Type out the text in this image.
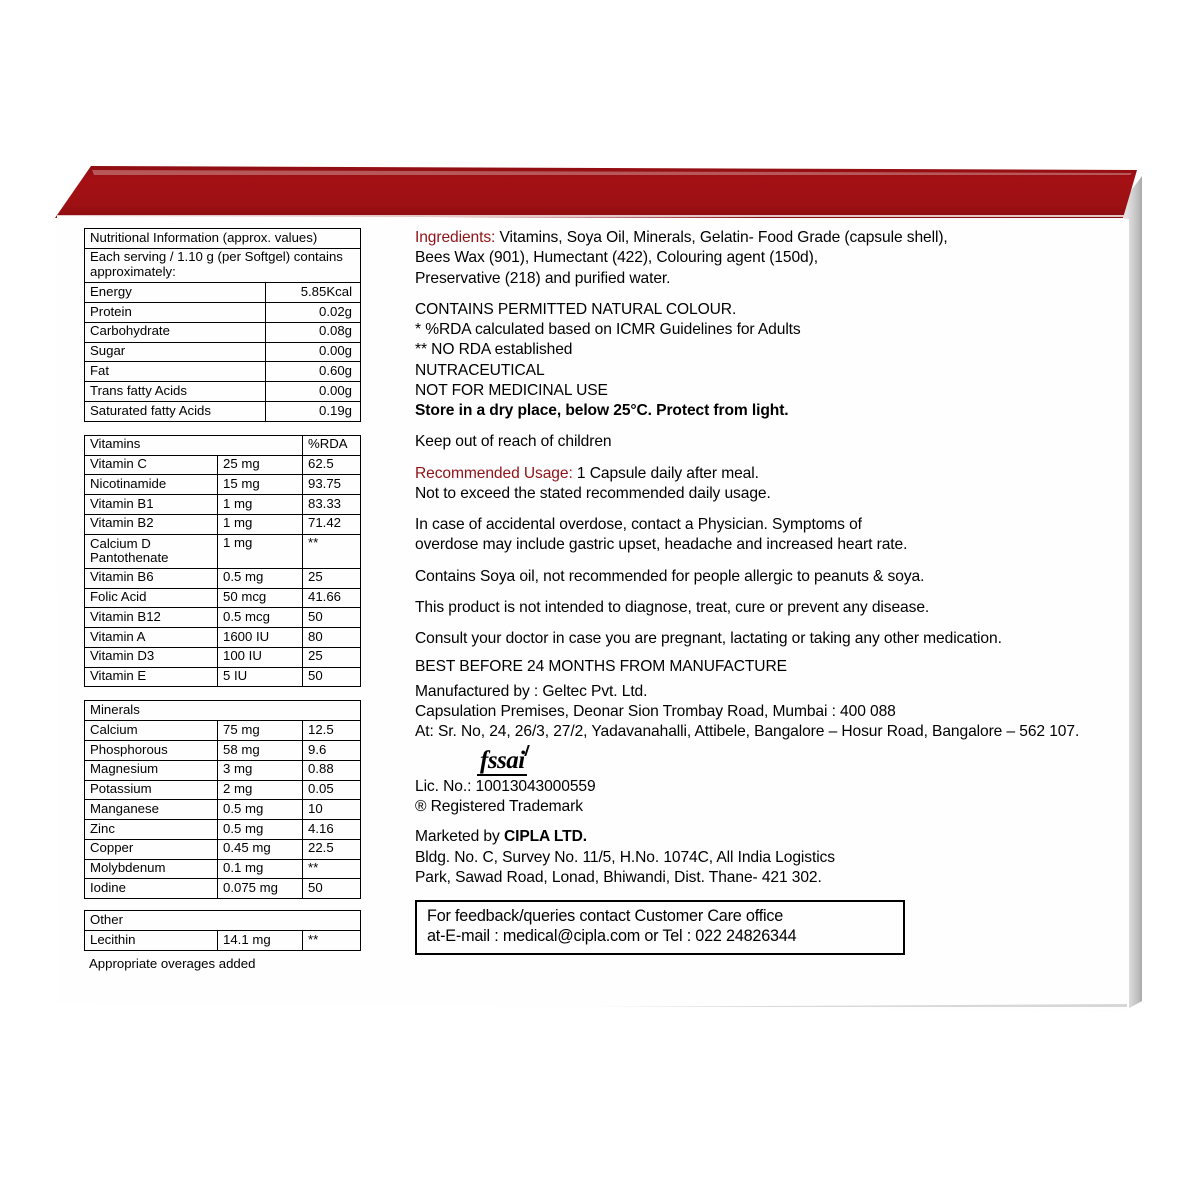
Nutritional Information (approx. values)	
Each serving / 1.10 g (per Softgel) contains approximately:	
Energy	5.85Kcal
Protein	0.02g
Carbohydrate	0.08g
Sugar	0.00g
Fat	0.60g
Trans fatty Acids	0.00g
Saturated fatty Acids	0.19g
Vitamins		%RDA
Vitamin C	25 mg	62.5
Nicotinamide	15 mg	93.75
Vitamin B1	1 mg	83.33
Vitamin B2	1 mg	71.42
Calcium D Pantothenate	1 mg	**
Vitamin B6	0.5 mg	25
Folic Acid	50 mcg	41.66
Vitamin B12	0.5 mcg	50
Vitamin A	1600 IU	80
Vitamin D3	100 IU	25
Vitamin E	5 IU	50
Minerals		
Calcium	75 mg	12.5
Phosphorous	58 mg	9.6
Magnesium	3 mg	0.88
Potassium	2 mg	0.05
Manganese	0.5 mg	10
Zinc	0.5 mg	4.16
Copper	0.45 mg	22.5
Molybdenum	0.1 mg	**
Iodine	0.075 mg	50
Other
Lecithin	14.1 mg	**
Appropriate overages added

Ingredients: Vitamins, Soya Oil, Minerals, Gelatin- Food Grade (capsule shell),
Bees Wax (901), Humectant (422), Colouring agent (150d),
Preservative (218) and purified water.

CONTAINS PERMITTED NATURAL COLOUR.

* %RDA calculated based on ICMR Guidelines for Adults

** NO RDA established

NUTRACEUTICAL

NOT FOR MEDICINAL USE

Store in a dry place, below 25°C. Protect from light.

Keep out of reach of children

Recommended Usage: 1 Capsule daily after meal.
Not to exceed the stated recommended daily usage.

In case of accidental overdose, contact a Physician. Symptoms of
overdose may include gastric upset, headache and increased heart rate.

Contains Soya oil, not recommended for people allergic to peanuts & soya.

This product is not intended to diagnose, treat, cure or prevent any disease.

Consult your doctor in case you are pregnant, lactating or taking any other medication.

BEST BEFORE 24 MONTHS FROM MANUFACTURE

Manufactured by : Geltec Pvt. Ltd.

Capsulation Premises, Deonar Sion Trombay Road, Mumbai : 400 088

At: Sr. No, 24, 26/3, 27/2, Yadavanahalli, Attibele, Bangalore – Hosur Road, Bangalore – 562 107.

fssai

Lic. No.: 10013043000559

® Registered Trademark

Marketed by CIPLA LTD.
Bldg. No. C, Survey No. 11/5, H.No. 1074C, All India Logistics
Park, Sawad Road, Lonad, Bhiwandi, Dist. Thane- 421 302.

For feedback/queries contact Customer Care office
at-E-mail : medical@cipla.com or Tel : 022 24826344
